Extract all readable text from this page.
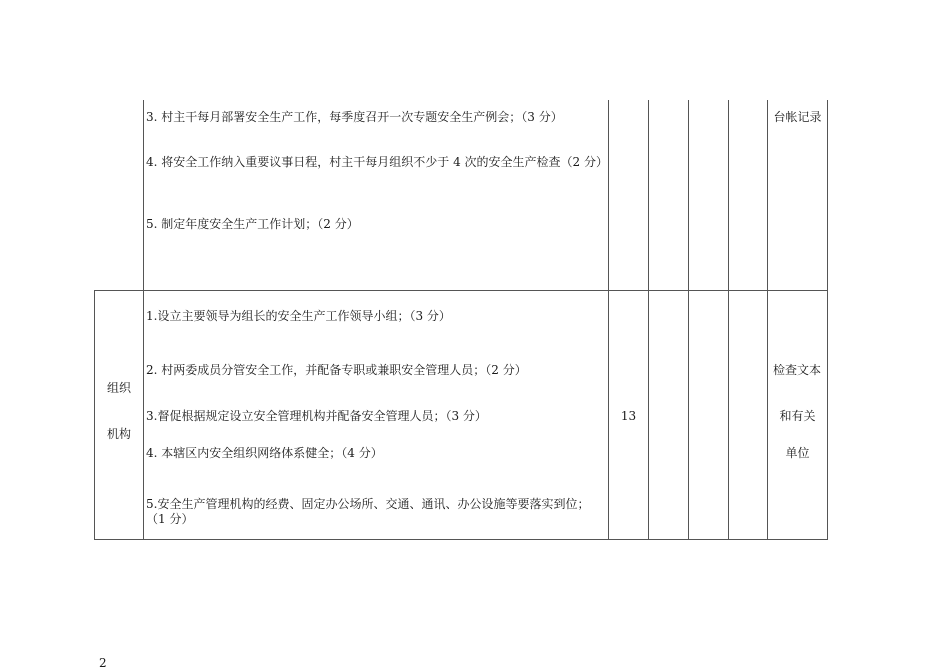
3. 村主干每月部署安全生产工作，每季度召开一次专题安全生产例会；（3 分）
4. 将安全工作纳入重要议事日程，村主干每月组织不少于 4 次的安全生产检查（2 分）
5. 制定年度安全生产工作计划；（2 分）
台帐记录
组织
机构
1.设立主要领导为组长的安全生产工作领导小组；（3 分）
2. 村两委成员分管安全工作，并配备专职或兼职安全管理人员；（2 分）
3.督促根据规定设立安全管理机构并配备安全管理人员；（3 分）
4. 本辖区内安全组织网络体系健全；（4 分）
5.安全生产管理机构的经费、固定办公场所、交通、通讯、办公设施等要落实到位；（1 分）
13
检查文本
和有关
单位
2
